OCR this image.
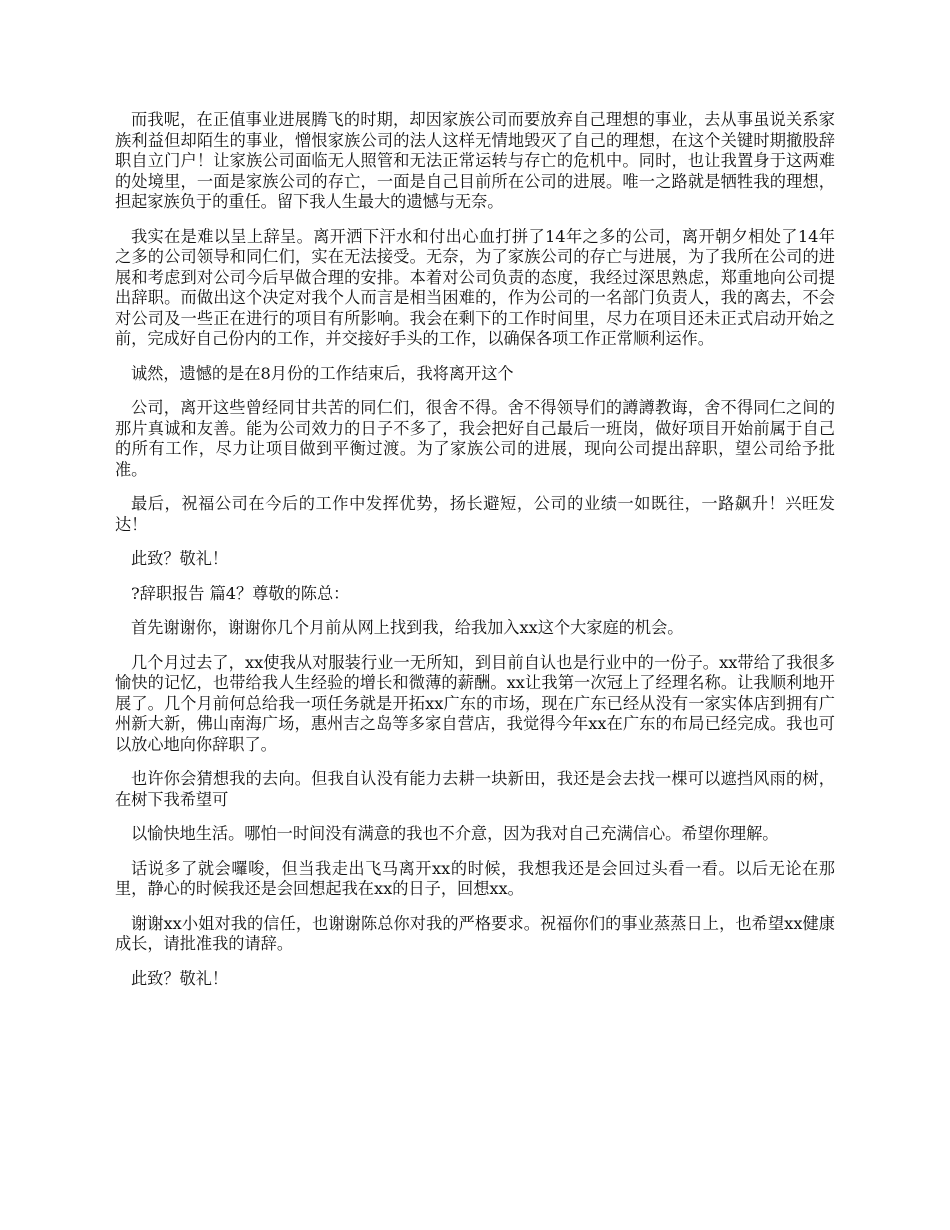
而我呢，在正值事业进展腾飞的时期，却因家族公司而要放弃自己理想的事业，去从事虽说关系家族利益但却陌生的事业，憎恨家族公司的法人这样无情地毁灭了自己的理想，在这个关键时期撤股辞职自立门户！让家族公司面临无人照管和无法正常运转与存亡的危机中。同时，也让我置身于这两难的处境里，一面是家族公司的存亡，一面是自己目前所在公司的进展。唯一之路就是牺牲我的理想，担起家族负于的重任。留下我人生最大的遗憾与无奈。

我实在是难以呈上辞呈。离开洒下汗水和付出心血打拼了14年之多的公司，离开朝夕相处了14年之多的公司领导和同仁们，实在无法接受。无奈，为了家族公司的存亡与进展，为了我所在公司的进展和考虑到对公司今后早做合理的安排。本着对公司负责的态度，我经过深思熟虑，郑重地向公司提出辞职。而做出这个决定对我个人而言是相当困难的，作为公司的一名部门负责人，我的离去，不会对公司及一些正在进行的项目有所影响。我会在剩下的工作时间里，尽力在项目还未正式启动开始之前，完成好自己份内的工作，并交接好手头的工作，以确保各项工作正常顺利运作。

诚然，遗憾的是在8月份的工作结束后，我将离开这个

公司，离开这些曾经同甘共苦的同仁们，很舍不得。舍不得领导们的譐譐教诲，舍不得同仁之间的那片真诚和友善。能为公司效力的日子不多了，我会把好自己最后一班岗，做好项目开始前属于自己的所有工作，尽力让项目做到平衡过渡。为了家族公司的进展，现向公司提出辞职，望公司给予批准。

最后，祝福公司在今后的工作中发挥优势，扬长避短，公司的业绩一如既往，一路飙升！兴旺发达！

此致？敬礼！

?辞职报告 篇4？尊敬的陈总：

首先谢谢你，谢谢你几个月前从网上找到我，给我加入xx这个大家庭的机会。

几个月过去了，xx使我从对服装行业一无所知，到目前自认也是行业中的一份子。xx带给了我很多愉快的记忆，也带给我人生经验的增长和微薄的薪酬。xx让我第一次冠上了经理名称。让我顺利地开展了。几个月前何总给我一项任务就是开拓xx广东的市场，现在广东已经从没有一家实体店到拥有广州新大新，佛山南海广场，惠州吉之岛等多家自营店，我觉得今年xx在广东的布局已经完成。我也可以放心地向你辞职了。

也许你会猜想我的去向。但我自认没有能力去耕一块新田，我还是会去找一棵可以遮挡风雨的树，在树下我希望可

以愉快地生活。哪怕一时间没有满意的我也不介意，因为我对自己充满信心。希望你理解。

话说多了就会囉唆，但当我走出飞马离开xx的时候，我想我还是会回过头看一看。以后无论在那里，静心的时候我还是会回想起我在xx的日子，回想xx。

谢谢xx小姐对我的信任，也谢谢陈总你对我的严格要求。祝福你们的事业蒸蒸日上，也希望xx健康成长，请批准我的请辞。

此致？敬礼！
